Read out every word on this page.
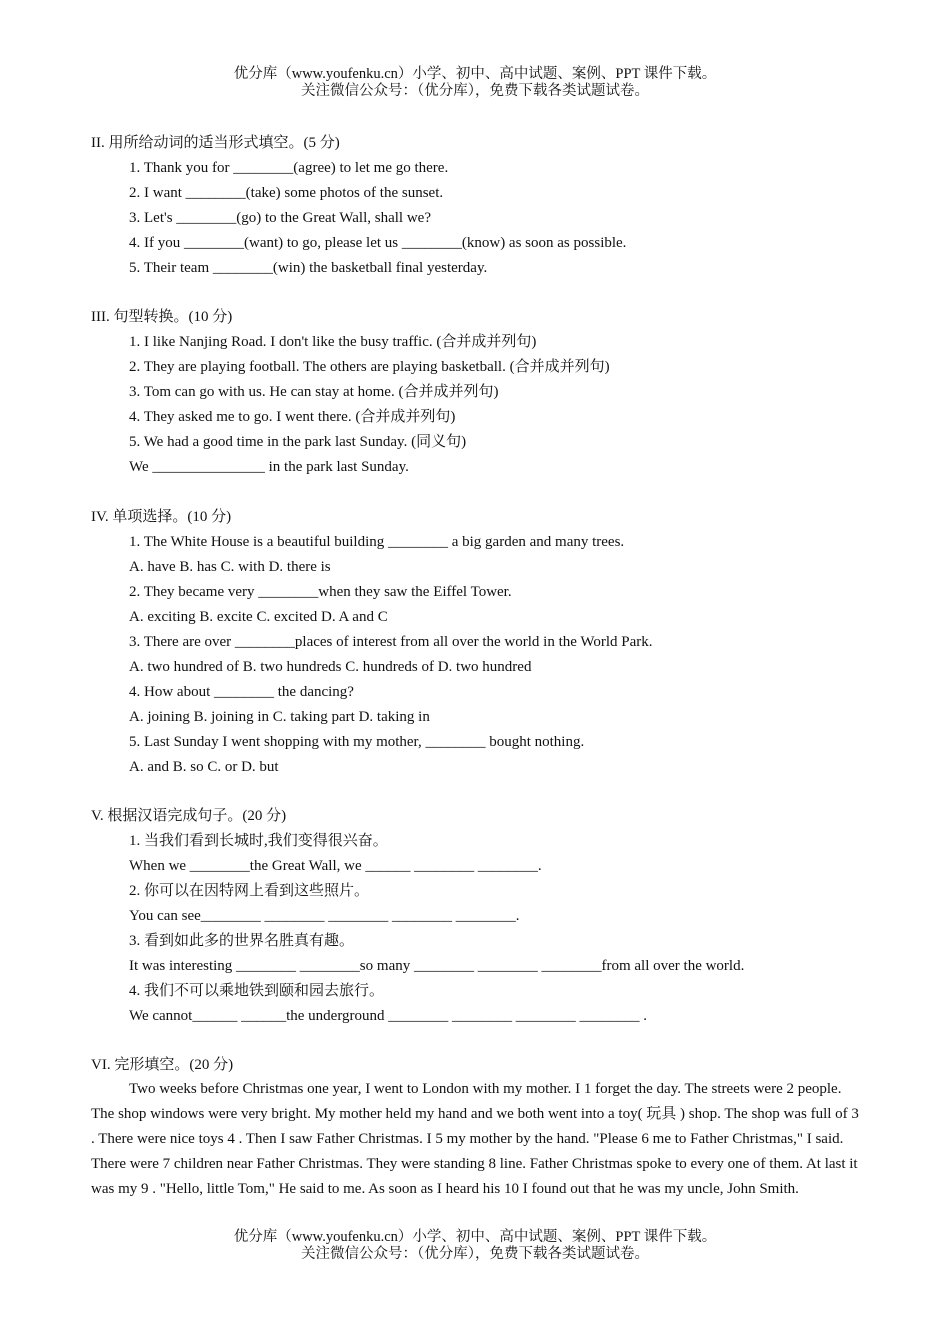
优分库（www.youfenku.cn）小学、初中、高中试题、案例、PPT 课件下载。
关注微信公众号：（优分库），免费下载各类试题试卷。
II. 用所给动词的适当形式填空。(5 分)
1. Thank you for ________(agree) to let me go there.
2. I want ________(take) some photos of the sunset.
3. Let's ________(go) to the Great Wall, shall we?
4. If you ________(want) to go, please let us ________(know) as soon as possible.
5. Their team ________(win) the basketball final yesterday.
III. 句型转换。(10 分)
1. I like Nanjing Road. I don't like the busy traffic. (合并成并列句)
2. They are playing football. The others are playing basketball. (合并成并列句)
3. Tom can go with us. He can stay at home. (合并成并列句)
4. They asked me to go. I went there. (合并成并列句)
5. We had a good time in the park last Sunday. (同义句)
We _______________ in the park last Sunday.
IV. 单项选择。(10 分)
1. The White House is a beautiful building ________ a big garden and many trees.
A. have B. has C. with D. there is
2. They became very ________when they saw the Eiffel Tower.
A. exciting B. excite C. excited D. A and C
3. There are over ________places of interest from all over the world in the World Park.
A. two hundred of B. two hundreds C. hundreds of D. two hundred
4. How about ________ the dancing?
A. joining B. joining in C. taking part D. taking in
5. Last Sunday I went shopping with my mother, ________ bought nothing.
A. and B. so C. or D. but
V. 根据汉语完成句子。(20 分)
1. 当我们看到长城时,我们变得很兴奋。
When we ________the Great Wall, we ______ ________ ________.
2. 你可以在因特网上看到这些照片。
You can see________ ________ ________ ________ ________.
3. 看到如此多的世界名胜真有趣。
It was interesting ________ ________so many ________ ________ ________from all over the world.
4. 我们不可以乘地铁到颐和园去旅行。
We cannot______ ______the underground ________ ________ ________ ________ .
VI. 完形填空。(20 分)

Two weeks before Christmas one year, I went to London with my mother. I 1 forget the day. The streets were 2 people. The shop windows were very bright. My mother held my hand and we both went into a toy( 玩具 ) shop. The shop was full of 3 . There were nice toys 4 . Then I saw Father Christmas. I 5 my mother by the hand. "Please 6 me to Father Christmas," I said. There were 7 children near Father Christmas. They were standing 8 line. Father Christmas spoke to every one of them. At last it was my 9 . "Hello, little Tom," He said to me. As soon as I heard his 10 I found out that he was my uncle, John Smith.

优分库（www.youfenku.cn）小学、初中、高中试题、案例、PPT 课件下载。
关注微信公众号：（优分库），免费下载各类试题试卷。
